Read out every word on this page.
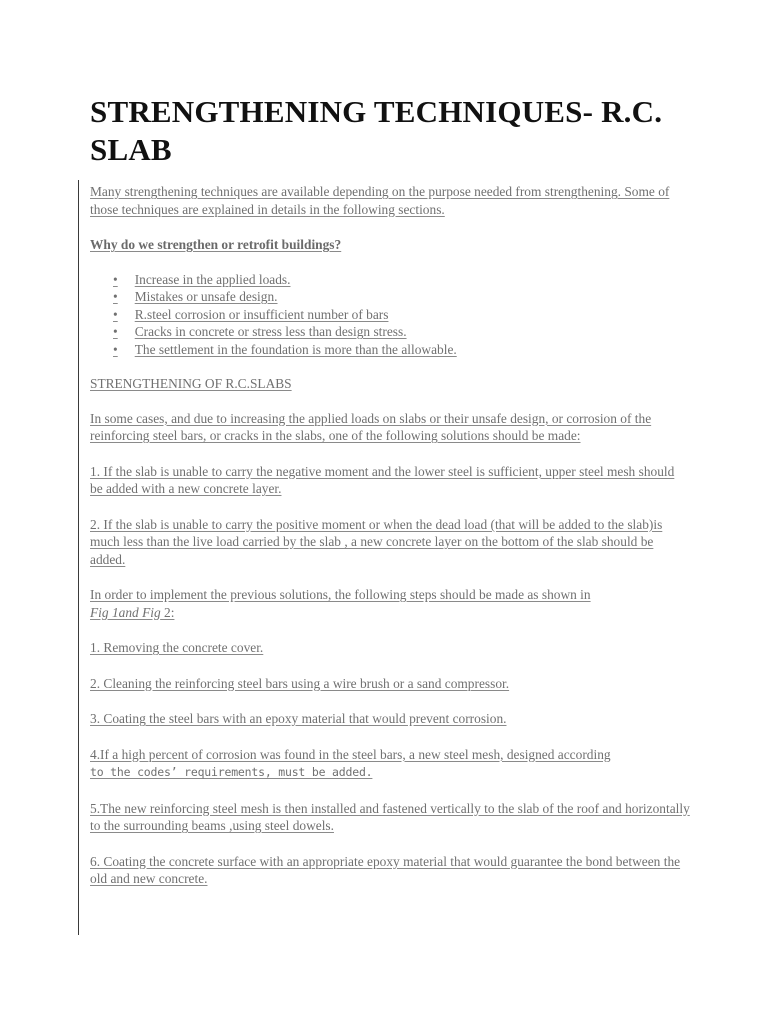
STRENGTHENING TECHNIQUES- R.C. SLAB

Many strengthening techniques are available depending on the purpose needed from strengthening. Some of those techniques are explained in details in the following sections.

Why do we strengthen or retrofit buildings?

• Increase in the applied loads.

• Mistakes or unsafe design.

• R.steel corrosion or insufficient number of bars

• Cracks in concrete or stress less than design stress.

• The settlement in the foundation is more than the allowable.

STRENGTHENING OF R.C.SLABS

In some cases, and due to increasing the applied loads on slabs or their unsafe design, or corrosion of the reinforcing steel bars, or cracks in the slabs, one of the following solutions should be made:

1. If the slab is unable to carry the negative moment and the lower steel is sufficient, upper steel mesh should be added with a new concrete layer.

2. If the slab is unable to carry the positive moment or when the dead load (that will be added to the slab)is much less than the live load carried by the slab , a new concrete layer on the bottom of the slab should be added.

In order to implement the previous solutions, the following steps should be made as shown in
Fig 1and Fig 2:

1. Removing the concrete cover.

2. Cleaning the reinforcing steel bars using a wire brush or a sand compressor.

3. Coating the steel bars with an epoxy material that would prevent corrosion.

4.If a high percent of corrosion was found in the steel bars, a new steel mesh, designed according
to the codes’ requirements, must be added.

5.The new reinforcing steel mesh is then installed and fastened vertically to the slab of the roof and horizontally to the surrounding beams ,using steel dowels.

6. Coating the concrete surface with an appropriate epoxy material that would guarantee the bond between the old and new concrete.
